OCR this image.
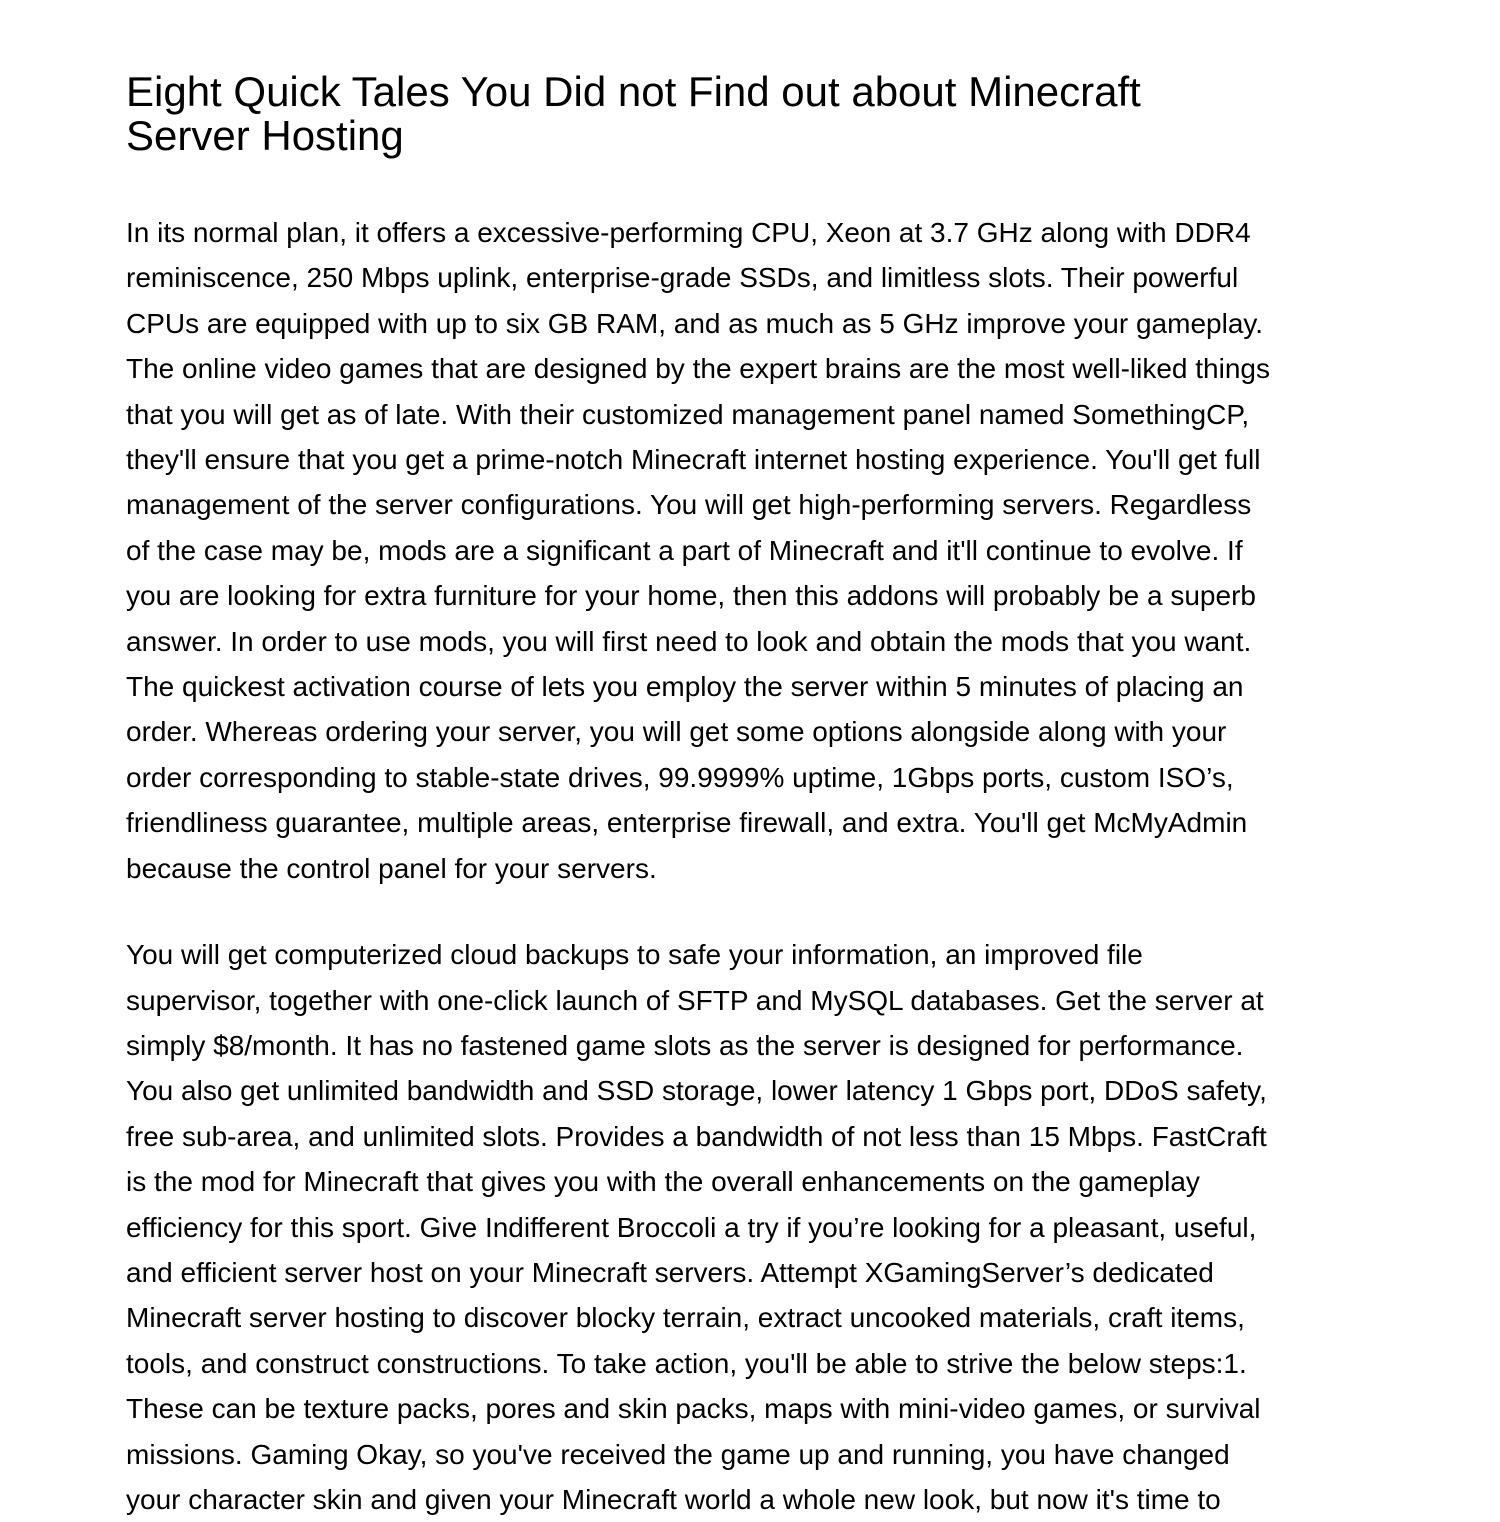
Eight Quick Tales You Did not Find out about Minecraft
Server Hosting

In its normal plan, it offers a excessive-performing CPU, Xeon at 3.7 GHz along with DDR4
reminiscence, 250 Mbps uplink, enterprise-grade SSDs, and limitless slots. Their powerful
CPUs are equipped with up to six GB RAM, and as much as 5 GHz improve your gameplay.
The online video games that are designed by the expert brains are the most well-liked things
that you will get as of late. With their customized management panel named SomethingCP,
they'll ensure that you get a prime-notch Minecraft internet hosting experience. You'll get full
management of the server configurations. You will get high-performing servers. Regardless
of the case may be, mods are a significant a part of Minecraft and it'll continue to evolve. If
you are looking for extra furniture for your home, then this addons will probably be a superb
answer. In order to use mods, you will first need to look and obtain the mods that you want.
The quickest activation course of lets you employ the server within 5 minutes of placing an
order. Whereas ordering your server, you will get some options alongside along with your
order corresponding to stable-state drives, 99.9999% uptime, 1Gbps ports, custom ISO’s,
friendliness guarantee, multiple areas, enterprise firewall, and extra. You'll get McMyAdmin
because the control panel for your servers.

You will get computerized cloud backups to safe your information, an improved file
supervisor, together with one-click launch of SFTP and MySQL databases. Get the server at
simply $8/month. It has no fastened game slots as the server is designed for performance.
You also get unlimited bandwidth and SSD storage, lower latency 1 Gbps port, DDoS safety,
free sub-area, and unlimited slots. Provides a bandwidth of not less than 15 Mbps. FastCraft
is the mod for Minecraft that gives you with the overall enhancements on the gameplay
efficiency for this sport. Give Indifferent Broccoli a try if you’re looking for a pleasant, useful,
and efficient server host on your Minecraft servers. Attempt XGamingServer’s dedicated
Minecraft server hosting to discover blocky terrain, extract uncooked materials, craft items,
tools, and construct constructions. To take action, you'll be able to strive the below steps:1.
These can be texture packs, pores and skin packs, maps with mini-video games, or survival
missions. Gaming Okay, so you've received the game up and running, you have changed
your character skin and given your Minecraft world a whole new look, but now it's time to
